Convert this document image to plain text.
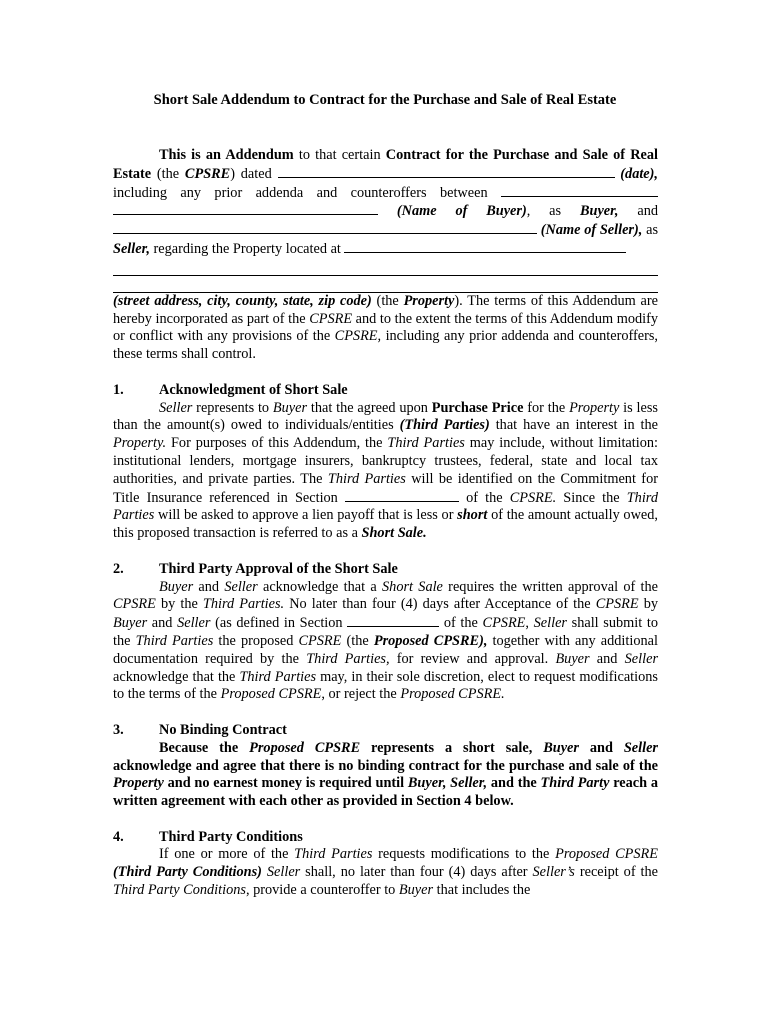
Short Sale Addendum to Contract for the Purchase and Sale of Real Estate

This is an Addendum to that certain Contract for the Purchase and Sale of Real Estate (the CPSRE) dated	(date), including any prior addenda and counteroffers between   (Name of Buyer), as Buyer, and  (Name of Seller), as Seller, regarding the Property located at
(street address, city, county, state, zip code) (the Property). The terms of this Addendum are hereby incorporated as part of the CPSRE and to the extent the terms of this Addendum modify or conflict with any provisions of the CPSRE, including any prior addenda and counteroffers, these terms shall control.

1. Acknowledgment of Short Sale

Seller represents to Buyer that the agreed upon Purchase Price for the Property is less than the amount(s) owed to individuals/entities (Third Parties) that have an interest in the Property. For purposes of this Addendum, the Third Parties may include, without limitation: institutional lenders, mortgage insurers, bankruptcy trustees, federal, state and local tax authorities, and private parties. The Third Parties will be identified on the Commitment for Title Insurance referenced in Section	of the CPSRE. Since the Third Parties will be asked to approve a lien payoff that is less or short of the amount actually owed, this proposed transaction is referred to as a Short Sale.

2. Third Party Approval of the Short Sale

Buyer and Seller acknowledge that a Short Sale requires the written approval of the CPSRE by the Third Parties. No later than four (4) days after Acceptance of the CPSRE by Buyer and Seller (as defined in Section	of the CPSRE, Seller shall submit to the Third Parties the proposed CPSRE (the Proposed CPSRE), together with any additional documentation required by the Third Parties, for review and approval. Buyer and Seller acknowledge that the Third Parties may, in their sole discretion, elect to request modifications to the terms of the Proposed CPSRE, or reject the Proposed CPSRE.

3. No Binding Contract

Because the Proposed CPSRE represents a short sale, Buyer and Seller acknowledge and agree that there is no binding contract for the purchase and sale of the Property and no earnest money is required until Buyer, Seller, and the Third Party reach a written agreement with each other as provided in Section 4 below.

4. Third Party Conditions

If one or more of the Third Parties requests modifications to the Proposed CPSRE (Third Party Conditions) Seller shall, no later than four (4) days after Seller’s receipt of the Third Party Conditions, provide a counteroffer to Buyer that includes the
